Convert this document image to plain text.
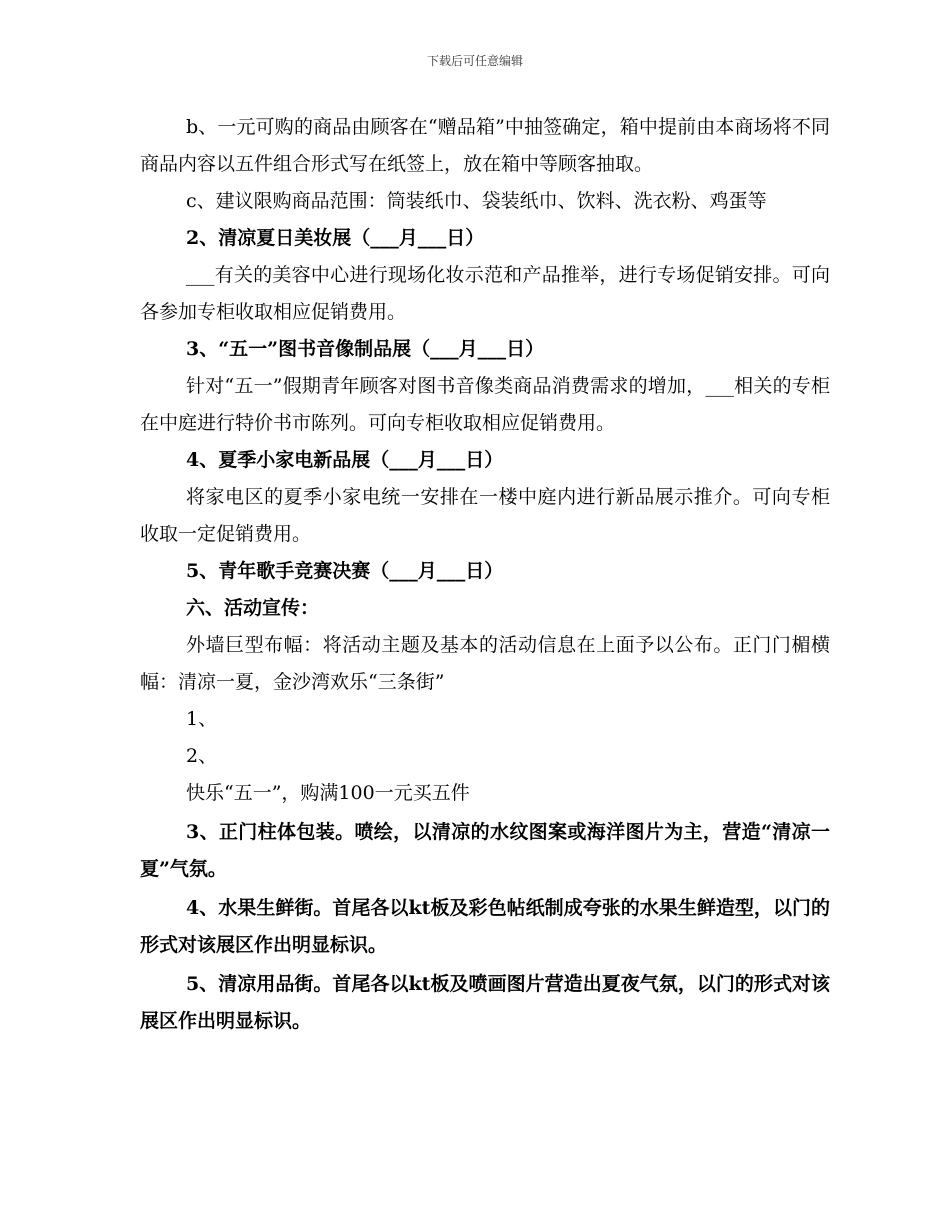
下载后可任意编辑

b、一元可购的商品由顾客在“赠品箱”中抽签确定，箱中提前由本商场将不同商品内容以五件组合形式写在纸签上，放在箱中等顾客抽取。

c、建议限购商品范围：筒装纸巾、袋装纸巾、饮料、洗衣粉、鸡蛋等

2、清凉夏日美妆展（___月___日）

___有关的美容中心进行现场化妆示范和产品推举，进行专场促销安排。可向各参加专柜收取相应促销费用。

3、“五一”图书音像制品展（___月___日）

针对“五一”假期青年顾客对图书音像类商品消费需求的增加，___相关的专柜在中庭进行特价书市陈列。可向专柜收取相应促销费用。

4、夏季小家电新品展（___月___日）

将家电区的夏季小家电统一安排在一楼中庭内进行新品展示推介。可向专柜收取一定促销费用。

5、青年歌手竞赛决赛（___月___日）

六、活动宣传：

外墙巨型布幅：将活动主题及基本的活动信息在上面予以公布。正门门楣横幅：清凉一夏，金沙湾欢乐“三条街”

1、

2、

快乐“五一”，购满100一元买五件

3、正门柱体包装。喷绘，以清凉的水纹图案或海洋图片为主，营造“清凉一夏”气氛。

4、水果生鲜街。首尾各以kt板及彩色帖纸制成夸张的水果生鲜造型，以门的形式对该展区作出明显标识。

5、清凉用品街。首尾各以kt板及喷画图片营造出夏夜气氛，以门的形式对该展区作出明显标识。
